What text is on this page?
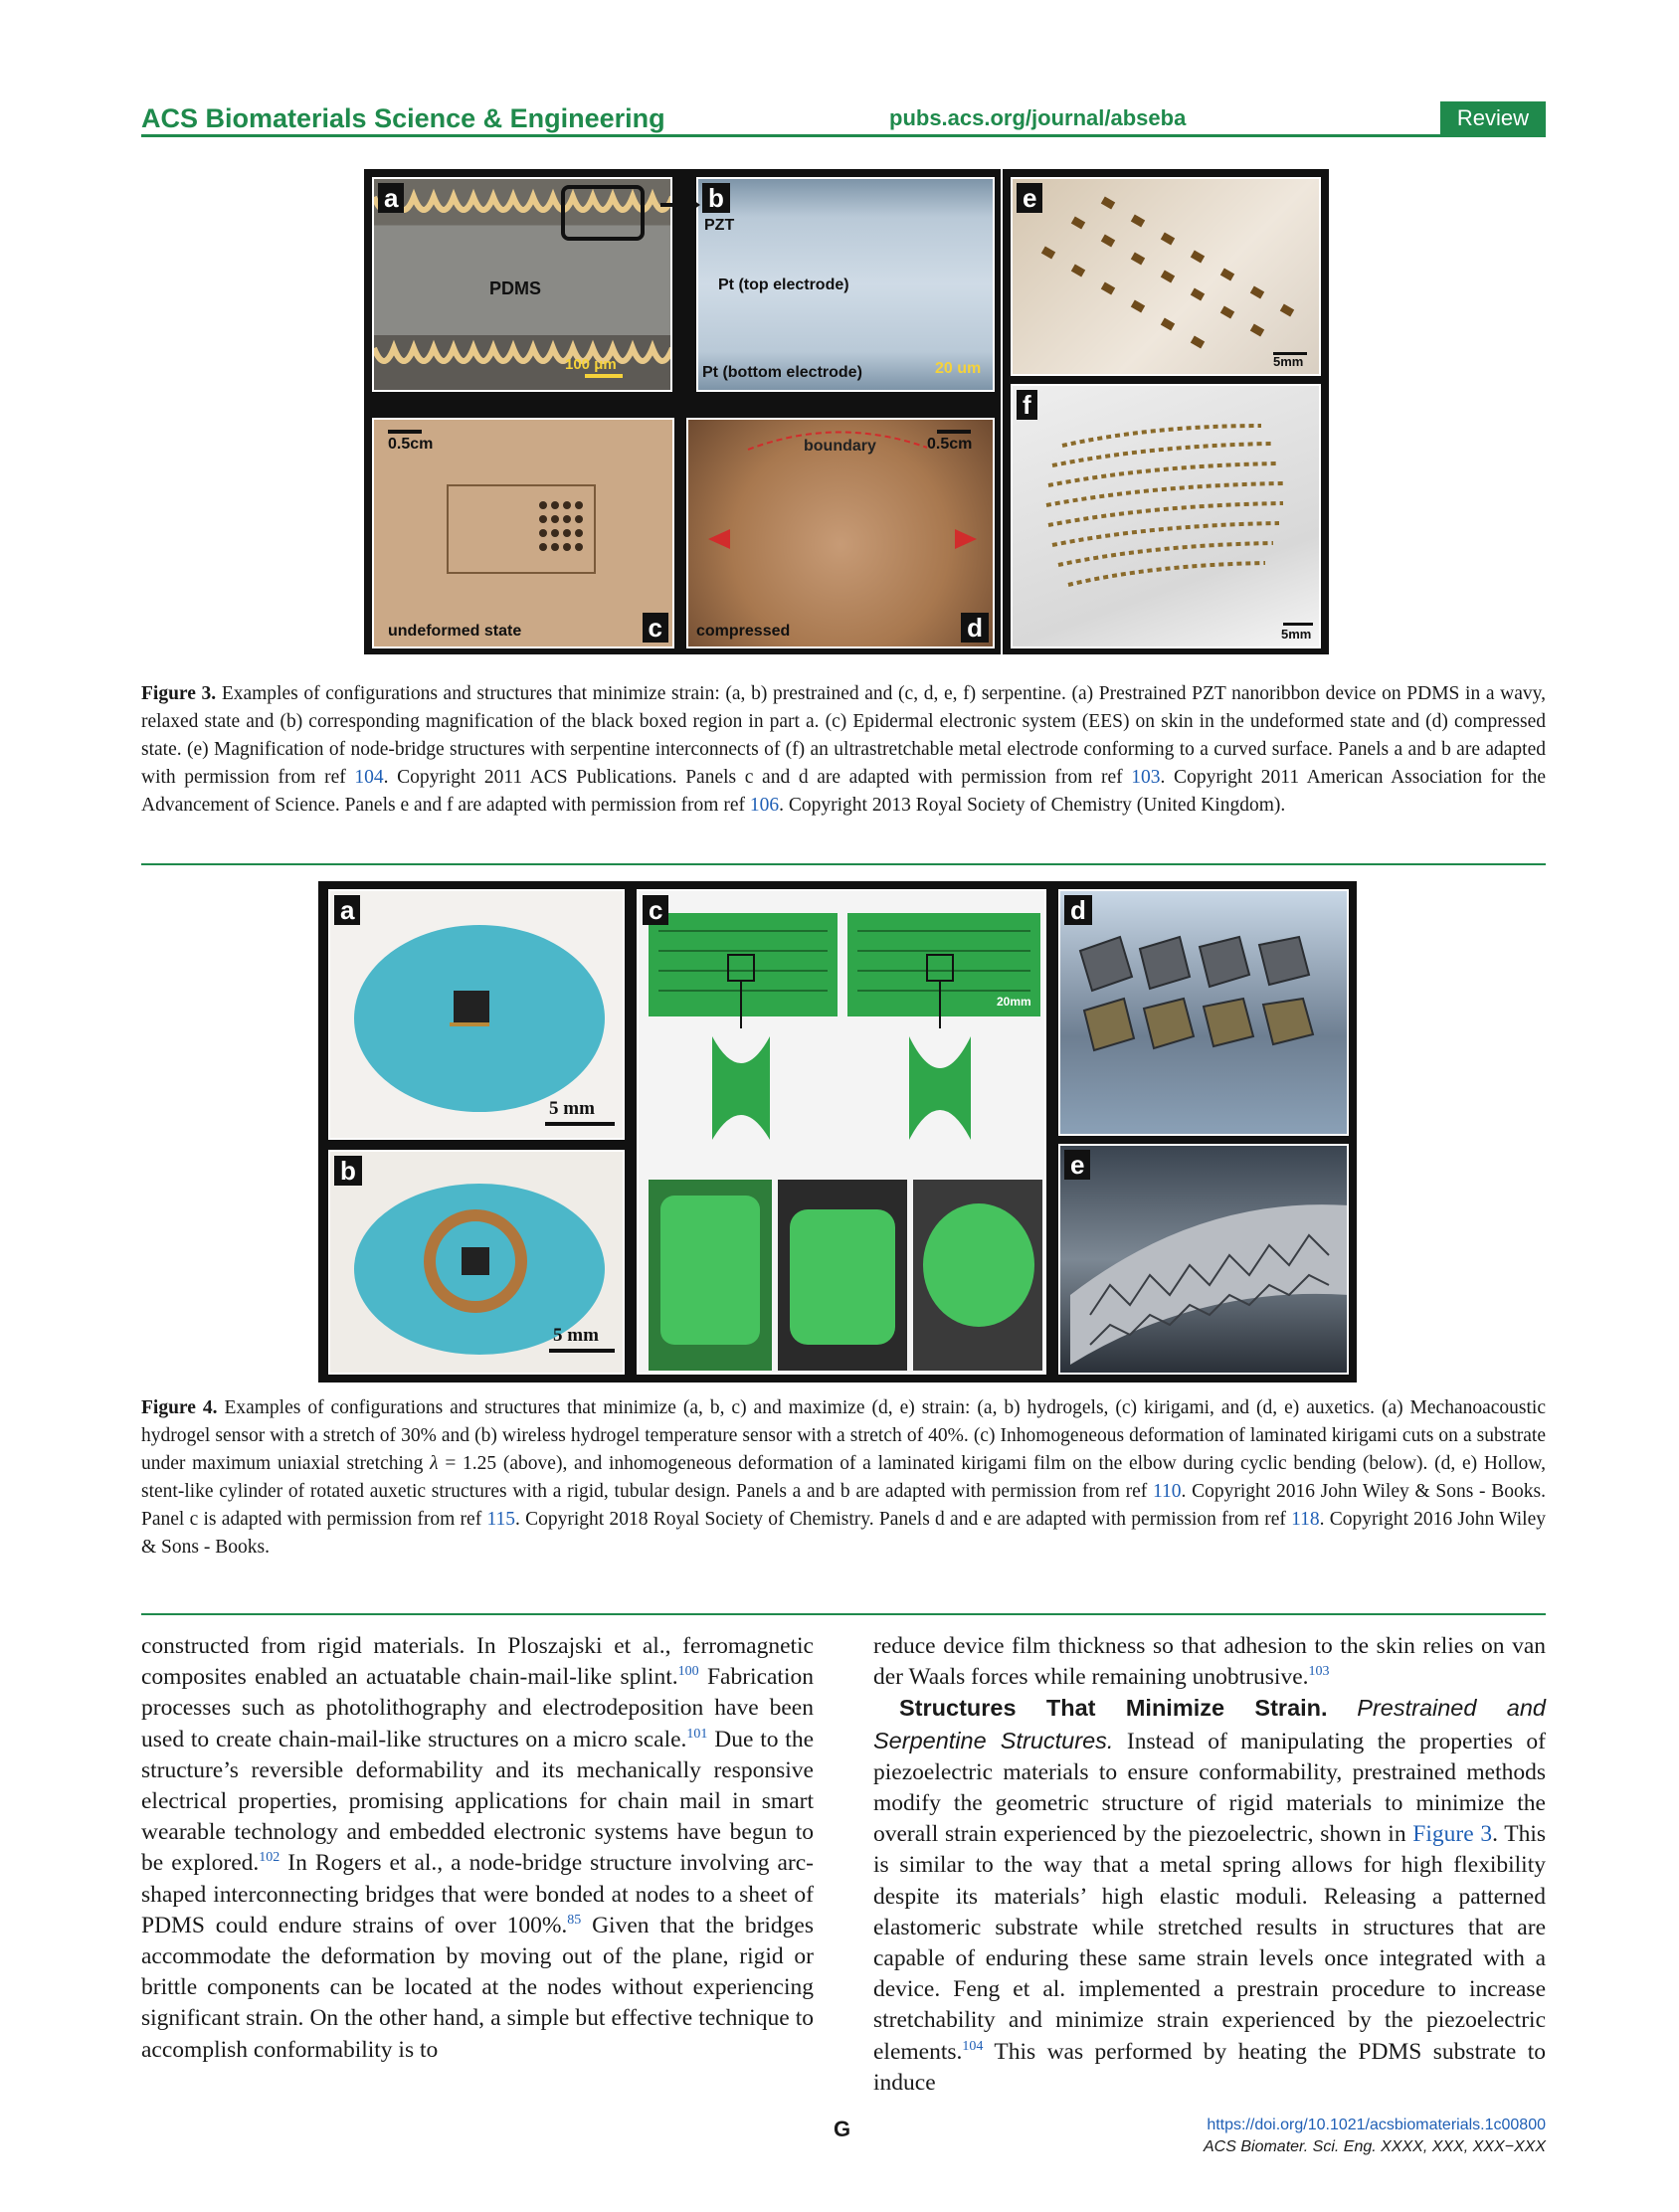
ACS Biomaterials Science & Engineering	pubs.acs.org/journal/abseba	Review
a
PDMS
100 μm
b
PZT
Pt (top electrode)
Pt (bottom electrode)	20 um
0.5cm
undeformed state	c
boundary	0.5cm
compressed	d
e
5mm
f
5mm
Figure 3. Examples of configurations and structures that minimize strain: (a, b) prestrained and (c, d, e, f) serpentine. (a) Prestrained PZT nanoribbon device on PDMS in a wavy, relaxed state and (b) corresponding magnification of the black boxed region in part a. (c) Epidermal electronic system (EES) on skin in the undeformed state and (d) compressed state. (e) Magnification of node-bridge structures with serpentine interconnects of (f) an ultrastretchable metal electrode conforming to a curved surface. Panels a and b are adapted with permission from ref 104. Copyright 2011 ACS Publications. Panels c and d are adapted with permission from ref 103. Copyright 2011 American Association for the Advancement of Science. Panels e and f are adapted with permission from ref 106. Copyright 2013 Royal Society of Chemistry (United Kingdom).
a
5 mm
b
5 mm
c
20mm
d
e
Figure 4. Examples of configurations and structures that minimize (a, b, c) and maximize (d, e) strain: (a, b) hydrogels, (c) kirigami, and (d, e) auxetics. (a) Mechanoacoustic hydrogel sensor with a stretch of 30% and (b) wireless hydrogel temperature sensor with a stretch of 40%. (c) Inhomogeneous deformation of laminated kirigami cuts on a substrate under maximum uniaxial stretching λ = 1.25 (above), and inhomogeneous deformation of a laminated kirigami film on the elbow during cyclic bending (below). (d, e) Hollow, stent-like cylinder of rotated auxetic structures with a rigid, tubular design. Panels a and b are adapted with permission from ref 110. Copyright 2016 John Wiley & Sons - Books. Panel c is adapted with permission from ref 115. Copyright 2018 Royal Society of Chemistry. Panels d and e are adapted with permission from ref 118. Copyright 2016 John Wiley & Sons - Books.

constructed from rigid materials. In Ploszajski et al., ferromagnetic composites enabled an actuatable chain-mail-like splint.$^{100}$ Fabrication processes such as photolithography and electrodeposition have been used to create chain-mail-like structures on a micro scale.$^{101}$ Due to the structure’s reversible deformability and its mechanically responsive electrical properties, promising applications for chain mail in smart wearable technology and embedded electronic systems have begun to be explored.$^{102}$ In Rogers et al., a node-bridge structure involving arc-shaped interconnecting bridges that were bonded at nodes to a sheet of PDMS could endure strains of over 100%.$^{85}$ Given that the bridges accommodate the deformation by moving out of the plane, rigid or brittle components can be located at the nodes without experiencing significant strain. On the other hand, a simple but effective technique to accomplish conformability is to

reduce device film thickness so that adhesion to the skin relies on van der Waals forces while remaining unobtrusive.$^{103}$

Structures That Minimize Strain. Prestrained and Serpentine Structures. Instead of manipulating the properties of piezoelectric materials to ensure conformability, prestrained methods modify the geometric structure of rigid materials to minimize the overall strain experienced by the piezoelectric, shown in Figure 3. This is similar to the way that a metal spring allows for high flexibility despite its materials’ high elastic moduli. Releasing a patterned elastomeric substrate while stretched results in structures that are capable of enduring these same strain levels once integrated with a device. Feng et al. implemented a prestrain procedure to increase stretchability and minimize strain experienced by the piezoelectric elements.$^{104}$ This was performed by heating the PDMS substrate to induce

G	https://doi.org/10.1021/acsbiomaterials.1c00800
ACS Biomater. Sci. Eng. XXXX, XXX, XXX−XXX
